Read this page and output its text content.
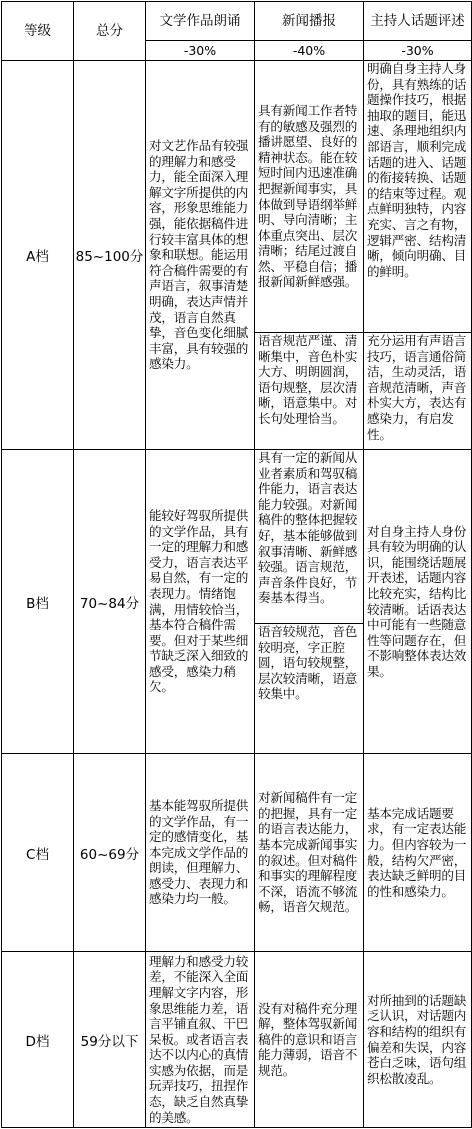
等级	总分	文学作品朗诵	新闻播报	主持人话题评述
		-30%	-40%	-30%
A档	85~100分	对文艺作品有较强的理解力和感受力，能全面深入理解文字所提供的内容，形象思维能力强，能依据稿件进行较丰富具体的想象和联想。能运用符合稿件需要的有声语言，叙事清楚明确，表达声情并茂，语言自然真挚，音色变化细腻丰富，具有较强的感染力。	具有新闻工作者特有的敏感及强烈的播讲愿望、良好的精神状态。能在较短时间内迅速准确把握新闻事实，具体做到导语纲举鲜明、导向清晰；主体重点突出、层次清晰；结尾过渡自然、平稳自信；播报新闻新鲜感强。	明确自身主持人身份，具有熟练的话题操作技巧，根据抽取的题目，能迅速、条理地组织内部语言，顺利完成话题的进入、话题的衔接转换、话题的结束等过程。观点鲜明独特，内容充实、言之有物，逻辑严密、结构清晰，倾向明确、目的鲜明。
			语音规范严谨、清晰集中，音色朴实大方、明朗圆润，语句规整，层次清晰，语意集中。对长句处理恰当。	充分运用有声语言技巧，语言通俗简洁，生动灵活，语音规范清晰，声音朴实大方，表达有感染力，有启发性。
B档	70~84分	能较好驾驭所提供的文学作品，具有一定的理解力和感受力，语言表达平易自然，有一定的表现力。情绪饱满，用情较恰当，基本符合稿件需要。但对于某些细节缺乏深入细致的感受，感染力稍欠。	具有一定的新闻从业者素质和驾驭稿件能力，语言表达能力较强。对新闻稿件的整体把握较好，基本能够做到叙事清晰、新鲜感较强。语言规范，声音条件良好，节奏基本得当。	对自身主持人身份具有较为明确的认识，能围绕话题展开表述，话题内容比较充实，结构比较清晰。话语表达中可能有一些随意性等问题存在，但不影响整体表达效果。
			语音较规范，音色较明亮，字正腔圆，语句较规整，层次较清晰，语意较集中。	
C档	60~69分	基本能驾驭所提供的文学作品，有一定的感情变化，基本完成文学作品的朗读，但理解力、感受力、表现力和感染力均一般。	对新闻稿件有一定的把握，具有一定的语言表达能力，基本完成新闻事实的叙述。但对稿件和事实的理解程度不深，语流不够流畅，语音欠规范。	基本完成话题要求，有一定表达能力。但内容较为一般，结构欠严密，表达缺乏鲜明的目的性和感染力。
D档	59分以下	理解力和感受力较差，不能深入全面理解文字内容，形象思维能力差，语言平铺直叙、干巴呆板。或者语言表达不以内心的真情实感为依据，而是玩弄技巧，扭捏作态，缺乏自然真挚的美感。	没有对稿件充分理解，整体驾驭新闻稿件的意识和语言能力薄弱，语音不规范。	对所抽到的话题缺乏认识，对话题内容和结构的组织有偏差和失误，内容苍白乏味，语句组织松散凌乱。
